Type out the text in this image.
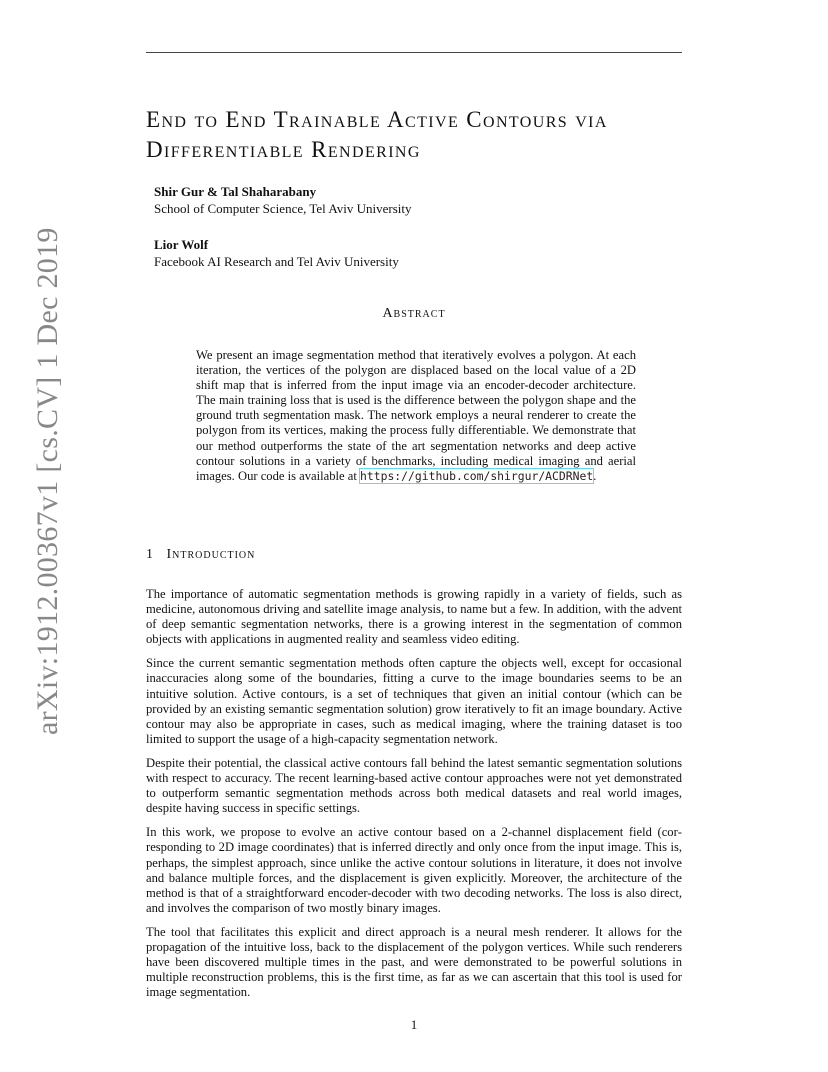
arXiv:1912.00367v1 [cs.CV] 1 Dec 2019
End to End Trainable Active Contours via
Differentiable Rendering
Shir Gur & Tal Shaharabany
School of Computer Science, Tel Aviv University
Lior Wolf
Facebook AI Research and Tel Aviv University
Abstract
We present an image segmentation method that iteratively evolves a polygon. At each iteration, the vertices of the polygon are displaced based on the local value of a 2D shift map that is inferred from the input image via an encoder-decoder architecture. The main training loss that is used is the difference between the polygon shape and the ground truth segmentation mask. The network employs a neural renderer to create the polygon from its vertices, making the process fully differentiable. We demonstrate that our method outperforms the state of the art segmentation networks and deep active contour solutions in a variety of benchmarks, including medical imaging and aerial images. Our code is available at https://github.com/shirgur/ACDRNet.
1 Introduction

The importance of automatic segmentation methods is growing rapidly in a variety of fields, such as medicine, autonomous driving and satellite image analysis, to name but a few. In addition, with the advent of deep semantic segmentation networks, there is a growing interest in the segmentation of common objects with applications in augmented reality and seamless video editing.

Since the current semantic segmentation methods often capture the objects well, except for occasional inaccuracies along some of the boundaries, fitting a curve to the image boundaries seems to be an intuitive solution. Active contours, is a set of techniques that given an initial contour (which can be provided by an existing semantic segmentation solution) grow iteratively to fit an image boundary. Active contour may also be appropriate in cases, such as medical imaging, where the training dataset is too limited to support the usage of a high-capacity segmentation network.

Despite their potential, the classical active contours fall behind the latest semantic segmentation solutions with respect to accuracy. The recent learning-based active contour approaches were not yet demonstrated to outperform semantic segmentation methods across both medical datasets and real world images, despite having success in specific settings.

In this work, we propose to evolve an active contour based on a 2-channel displacement field (corresponding to 2D image coordinates) that is inferred directly and only once from the input image. This is, perhaps, the simplest approach, since unlike the active contour solutions in literature, it does not involve and balance multiple forces, and the displacement is given explicitly. Moreover, the architecture of the method is that of a straightforward encoder-decoder with two decoding networks. The loss is also direct, and involves the comparison of two mostly binary images.

The tool that facilitates this explicit and direct approach is a neural mesh renderer. It allows for the propagation of the intuitive loss, back to the displacement of the polygon vertices. While such renderers have been discovered multiple times in the past, and were demonstrated to be powerful solutions in multiple reconstruction problems, this is the first time, as far as we can ascertain that this tool is used for image segmentation.

1
